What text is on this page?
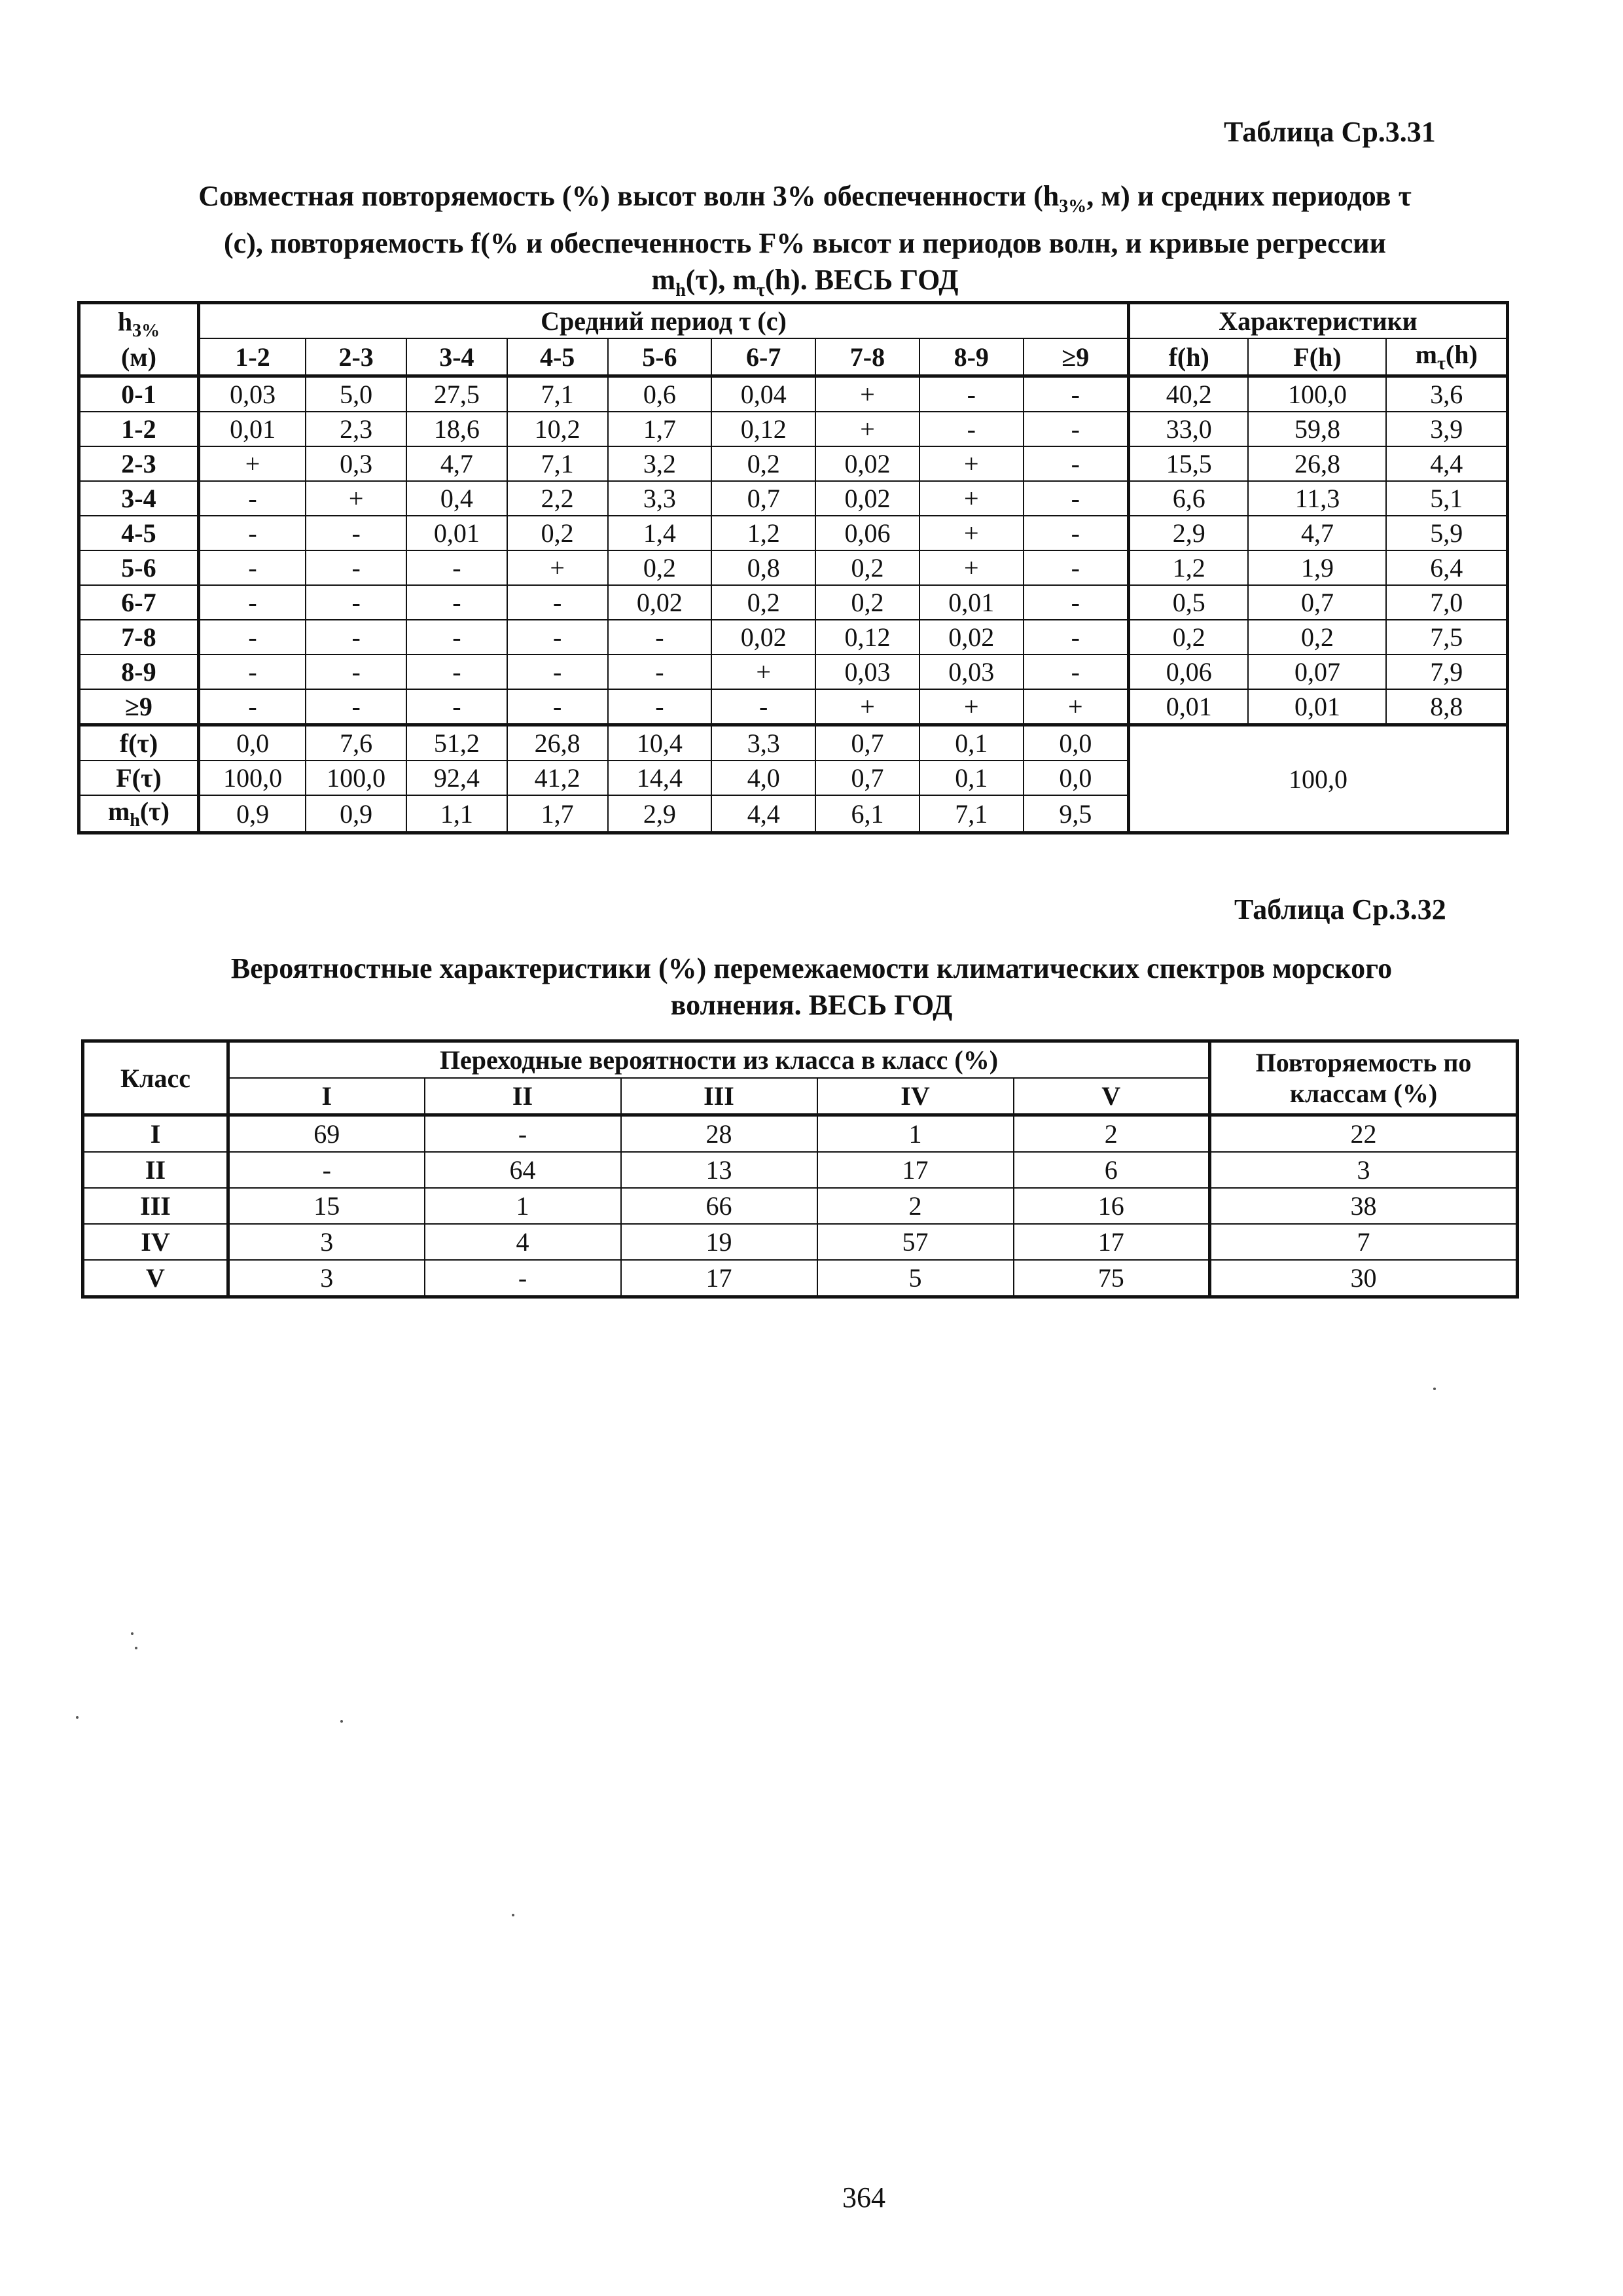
Таблица Ср.3.31
Совместная повторяемость (%) высот волн 3% обеспеченности ($h_{3\%}$, м) и средних периодов τ
(с), повторяемость f(% и обеспеченность F% высот и периодов волн, и кривые регрессии
$m_h(\tau)$, $m_\tau(h)$. ВЕСЬ ГОД
$h_{3\%}$
(м)	Средний период τ (с)									Характеристики		
	1-2	2-3	3-4	4-5	5-6	6-7	7-8	8-9	≥9	f(h)	F(h)	$m_\tau(h)$
0-1	0,03	5,0	27,5	7,1	0,6	0,04	+	-	-	40,2	100,0	3,6
1-2	0,01	2,3	18,6	10,2	1,7	0,12	+	-	-	33,0	59,8	3,9
2-3	+	0,3	4,7	7,1	3,2	0,2	0,02	+	-	15,5	26,8	4,4
3-4	-	+	0,4	2,2	3,3	0,7	0,02	+	-	6,6	11,3	5,1
4-5	-	-	0,01	0,2	1,4	1,2	0,06	+	-	2,9	4,7	5,9
5-6	-	-	-	+	0,2	0,8	0,2	+	-	1,2	1,9	6,4
6-7	-	-	-	-	0,02	0,2	0,2	0,01	-	0,5	0,7	7,0
7-8	-	-	-	-	-	0,02	0,12	0,02	-	0,2	0,2	7,5
8-9	-	-	-	-	-	+	0,03	0,03	-	0,06	0,07	7,9
≥9	-	-	-	-	-	-	+	+	+	0,01	0,01	8,8
f(τ)	0,0	7,6	51,2	26,8	10,4	3,3	0,7	0,1	0,0	100,0		
F(τ)	100,0	100,0	92,4	41,2	14,4	4,0	0,7	0,1	0,0			
$m_h(\tau)$	0,9	0,9	1,1	1,7	2,9	4,4	6,1	7,1	9,5			
Таблица Ср.3.32
Вероятностные характеристики (%) перемежаемости климатических спектров морского
волнения. ВЕСЬ ГОД
Класс	Переходные вероятности из класса в класс (%)					Повторяемость по
классам (%)
	I	II	III	IV	V	
I	69	-	28	1	2	22
II	-	64	13	17	6	3
III	15	1	66	2	16	38
IV	3	4	19	57	17	7
V	3	-	17	5	75	30
364
